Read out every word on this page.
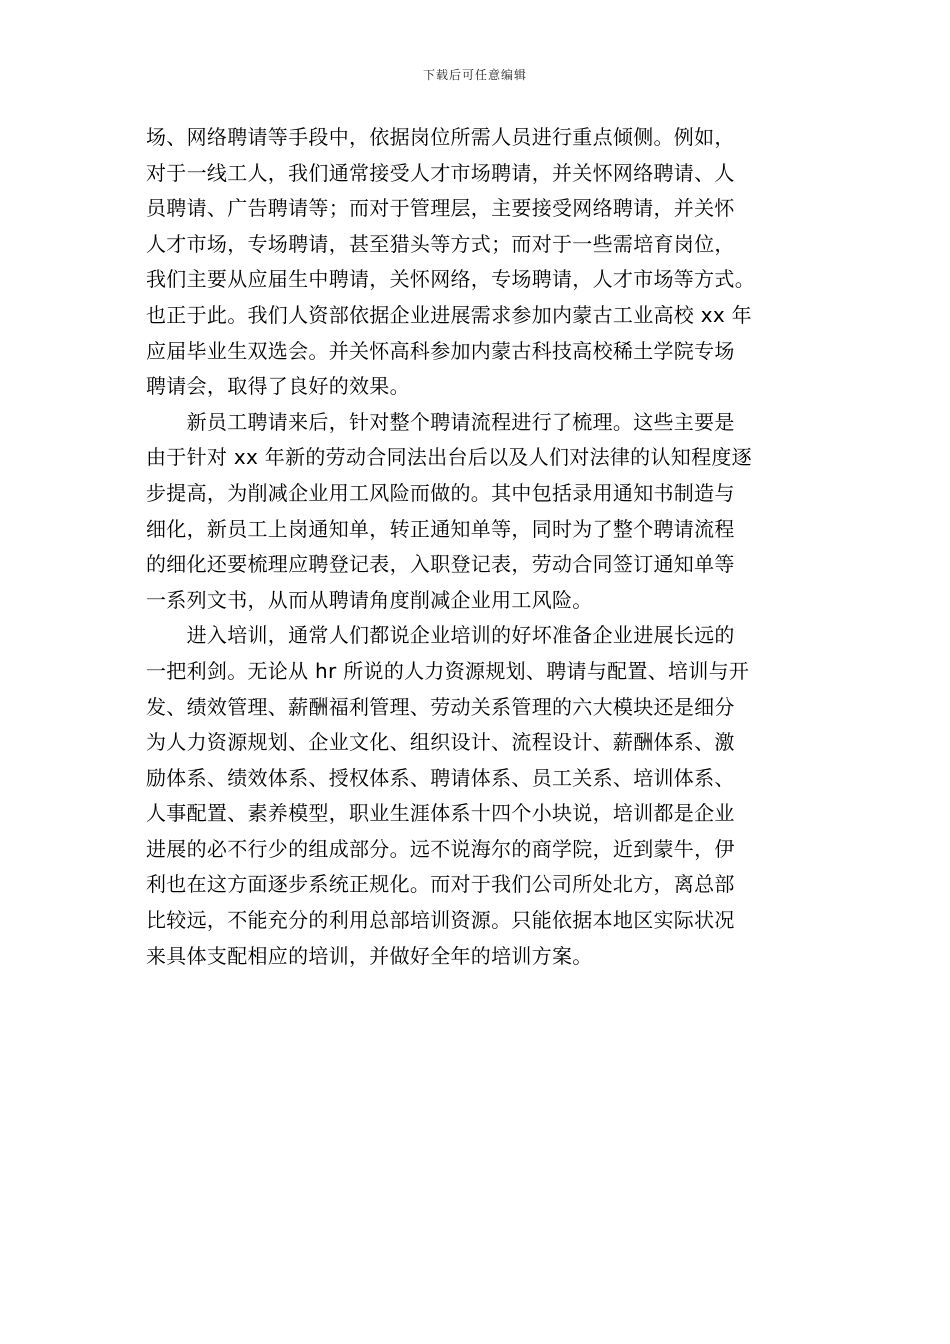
下载后可任意编辑
场、网络聘请等手段中，依据岗位所需人员进行重点倾侧。例如，
对于一线工人，我们通常接受人才市场聘请，并关怀网络聘请、人
员聘请、广告聘请等；而对于管理层，主要接受网络聘请，并关怀
人才市场，专场聘请，甚至猎头等方式；而对于一些需培育岗位，
我们主要从应届生中聘请，关怀网络，专场聘请，人才市场等方式。
也正于此。我们人资部依据企业进展需求参加内蒙古工业高校 xx 年
应届毕业生双选会。并关怀高科参加内蒙古科技高校稀土学院专场
聘请会，取得了良好的效果。
　　新员工聘请来后，针对整个聘请流程进行了梳理。这些主要是
由于针对 xx 年新的劳动合同法出台后以及人们对法律的认知程度逐
步提高，为削减企业用工风险而做的。其中包括录用通知书制造与
细化，新员工上岗通知单，转正通知单等，同时为了整个聘请流程
的细化还要梳理应聘登记表，入职登记表，劳动合同签订通知单等
一系列文书，从而从聘请角度削减企业用工风险。
　　进入培训，通常人们都说企业培训的好坏准备企业进展长远的
一把利剑。无论从 hr 所说的人力资源规划、聘请与配置、培训与开
发、绩效管理、薪酬福利管理、劳动关系管理的六大模块还是细分
为人力资源规划、企业文化、组织设计、流程设计、薪酬体系、激
励体系、绩效体系、授权体系、聘请体系、员工关系、培训体系、
人事配置、素养模型，职业生涯体系十四个小块说，培训都是企业
进展的必不行少的组成部分。远不说海尔的商学院，近到蒙牛，伊
利也在这方面逐步系统正规化。而对于我们公司所处北方，离总部
比较远，不能充分的利用总部培训资源。只能依据本地区实际状况
来具体支配相应的培训，并做好全年的培训方案。
